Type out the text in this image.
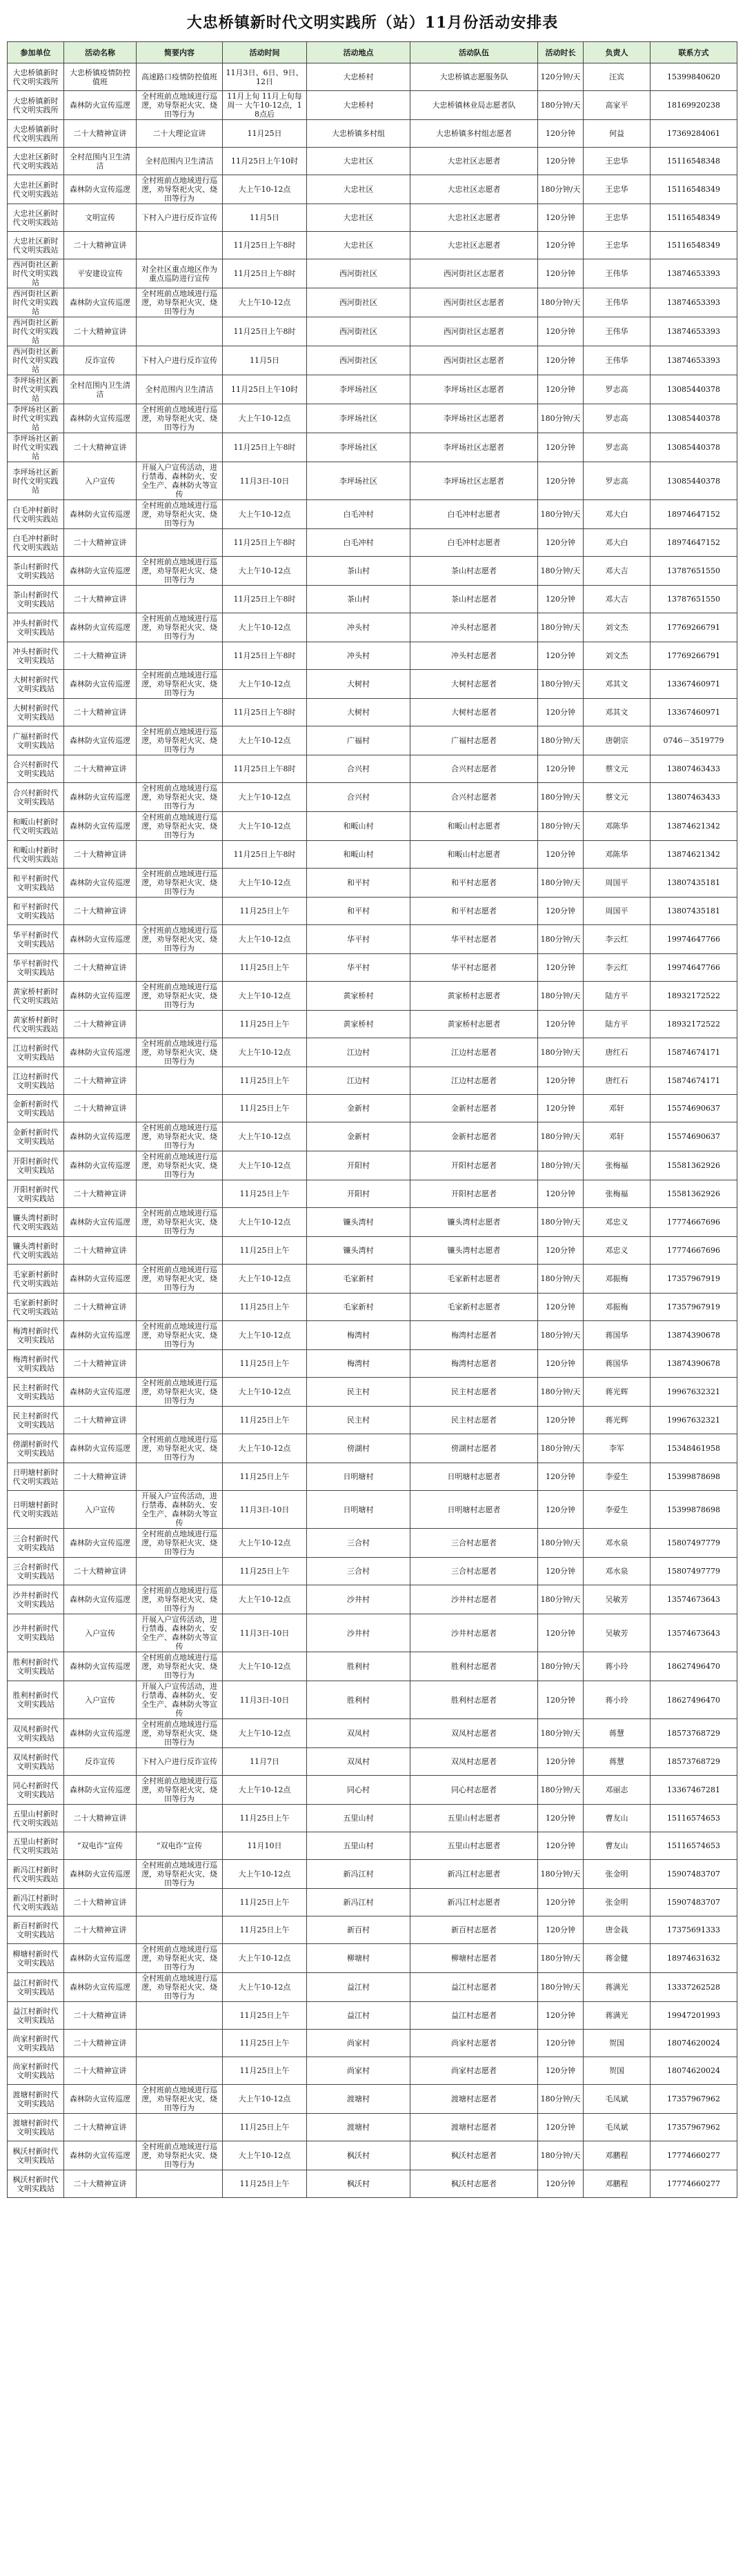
大忠桥镇新时代文明实践所（站）11月份活动安排表
参加单位	活动名称	简要内容	活动时间	活动地点	活动队伍	活动时长	负责人	联系方式
大忠桥镇新时代文明实践所	大忠桥镇疫情防控值班	高速路口疫情防控值班	11月3日、6日、9日、12日	大忠桥村	大忠桥镇志愿服务队	120分钟/天	汪宾	15399840620
大忠桥镇新时代文明实践所	森林防火宣传巡逻	全村班前点地域进行巡逻，劝导祭祀火灾、烧田等行为	11月上旬 11月上旬每周一 大午10-12点，18点后	大忠桥村	大忠桥镇林业局志愿者队	180分钟/天	高家平	18169920238
大忠桥镇新时代文明实践所	二十大精神宣讲	二十大理论宣讲	11月25日	大忠桥镇多村组	大忠桥镇多村组志愿者	120分钟	何益	17369284061
大忠社区新时代文明实践站	全村范围内卫生清洁	全村范围内卫生清洁	11月25日上午10时	大忠社区	大忠社区志愿者	120分钟	王忠华	15116548348
大忠社区新时代文明实践站	森林防火宣传巡逻	全村班前点地域进行巡逻，劝导祭祀火灾、烧田等行为	大上午10-12点	大忠社区	大忠社区志愿者	180分钟/天	王忠华	15116548349
大忠社区新时代文明实践站	文明宣传	下村入户进行反诈宣传	11月5日	大忠社区	大忠社区志愿者	120分钟	王忠华	15116548349
大忠社区新时代文明实践站	二十大精神宣讲		11月25日上午8时	大忠社区	大忠社区志愿者	120分钟	王忠华	15116548349
西河街社区新时代文明实践站	平安建设宣传	对全社区重点地区作为重点巡防进行宣传	11月25日上午8时	西河街社区	西河街社区志愿者	120分钟	王伟华	13874653393
西河街社区新时代文明实践站	森林防火宣传巡逻	全村班前点地域进行巡逻，劝导祭祀火灾、烧田等行为	大上午10-12点	西河街社区	西河街社区志愿者	180分钟/天	王伟华	13874653393
西河街社区新时代文明实践站	二十大精神宣讲		11月25日上午8时	西河街社区	西河街社区志愿者	120分钟	王伟华	13874653393
西河街社区新时代文明实践站	反诈宣传	下村入户进行反诈宣传	11月5日	西河街社区	西河街社区志愿者	120分钟	王伟华	13874653393
李坪场社区新时代文明实践站	全村范围内卫生清洁	全村范围内卫生清洁	11月25日上午10时	李坪场社区	李坪场社区志愿者	120分钟	罗志高	13085440378
李坪场社区新时代文明实践站	森林防火宣传巡逻	全村班前点地域进行巡逻，劝导祭祀火灾、烧田等行为	大上午10-12点	李坪场社区	李坪场社区志愿者	180分钟/天	罗志高	13085440378
李坪场社区新时代文明实践站	二十大精神宣讲		11月25日上午8时	李坪场社区	李坪场社区志愿者	120分钟	罗志高	13085440378
李坪场社区新时代文明实践站	入户宣传	开展入户宣传活动，进行禁毒、森林防火、安全生产、森林防火等宣传	11月3日-10日	李坪场社区	李坪场社区志愿者	120分钟	罗志高	13085440378
白毛冲村新时代文明实践站	森林防火宣传巡逻	全村班前点地域进行巡逻，劝导祭祀火灾、烧田等行为	大上午10-12点	白毛冲村	白毛冲村志愿者	180分钟/天	邓大白	18974647152
白毛冲村新时代文明实践站	二十大精神宣讲		11月25日上午8时	白毛冲村	白毛冲村志愿者	120分钟	邓大白	18974647152
茶山村新时代文明实践站	森林防火宣传巡逻	全村班前点地域进行巡逻，劝导祭祀火灾、烧田等行为	大上午10-12点	茶山村	茶山村志愿者	180分钟/天	邓大吉	13787651550
茶山村新时代文明实践站	二十大精神宣讲		11月25日上午8时	茶山村	茶山村志愿者	120分钟	邓大吉	13787651550
冲头村新时代文明实践站	森林防火宣传巡逻	全村班前点地域进行巡逻，劝导祭祀火灾、烧田等行为	大上午10-12点	冲头村	冲头村志愿者	180分钟/天	刘文杰	17769266791
冲头村新时代文明实践站	二十大精神宣讲		11月25日上午8时	冲头村	冲头村志愿者	120分钟	刘文杰	17769266791
大树村新时代文明实践站	森林防火宣传巡逻	全村班前点地域进行巡逻，劝导祭祀火灾、烧田等行为	大上午10-12点	大树村	大树村志愿者	180分钟/天	邓其文	13367460971
大树村新时代文明实践站	二十大精神宣讲		11月25日上午8时	大树村	大树村志愿者	120分钟	邓其文	13367460971
广福村新时代文明实践站	森林防火宣传巡逻	全村班前点地域进行巡逻，劝导祭祀火灾、烧田等行为	大上午10-12点	广福村	广福村志愿者	180分钟/天	唐朝宗	0746－3519779
合兴村新时代文明实践站	二十大精神宣讲		11月25日上午8时	合兴村	合兴村志愿者	120分钟	蔡文元	13807463433
合兴村新时代文明实践站	森林防火宣传巡逻	全村班前点地域进行巡逻，劝导祭祀火灾、烧田等行为	大上午10-12点	合兴村	合兴村志愿者	180分钟/天	蔡文元	13807463433
和畈山村新时代文明实践站	森林防火宣传巡逻	全村班前点地域进行巡逻，劝导祭祀火灾、烧田等行为	大上午10-12点	和畈山村	和畈山村志愿者	180分钟/天	邓陈华	13874621342
和畈山村新时代文明实践站	二十大精神宣讲		11月25日上午8时	和畈山村	和畈山村志愿者	120分钟	邓陈华	13874621342
和平村新时代文明实践站	森林防火宣传巡逻	全村班前点地域进行巡逻，劝导祭祀火灾、烧田等行为	大上午10-12点	和平村	和平村志愿者	180分钟/天	周国平	13807435181
和平村新时代文明实践站	二十大精神宣讲		11月25日上午	和平村	和平村志愿者	120分钟	周国平	13807435181
华平村新时代文明实践站	森林防火宣传巡逻	全村班前点地域进行巡逻，劝导祭祀火灾、烧田等行为	大上午10-12点	华平村	华平村志愿者	180分钟/天	李云红	19974647766
华平村新时代文明实践站	二十大精神宣讲		11月25日上午	华平村	华平村志愿者	120分钟	李云红	19974647766
黄家桥村新时代文明实践站	森林防火宣传巡逻	全村班前点地域进行巡逻，劝导祭祀火灾、烧田等行为	大上午10-12点	黄家桥村	黄家桥村志愿者	180分钟/天	陆方平	18932172522
黄家桥村新时代文明实践站	二十大精神宣讲		11月25日上午	黄家桥村	黄家桥村志愿者	120分钟	陆方平	18932172522
江边村新时代文明实践站	森林防火宣传巡逻	全村班前点地域进行巡逻，劝导祭祀火灾、烧田等行为	大上午10-12点	江边村	江边村志愿者	180分钟/天	唐红石	15874674171
江边村新时代文明实践站	二十大精神宣讲		11月25日上午	江边村	江边村志愿者	120分钟	唐红石	15874674171
金新村新时代文明实践站	二十大精神宣讲		11月25日上午	金新村	金新村志愿者	120分钟	邓轩	15574690637
金新村新时代文明实践站	森林防火宣传巡逻	全村班前点地域进行巡逻，劝导祭祀火灾、烧田等行为	大上午10-12点	金新村	金新村志愿者	180分钟/天	邓轩	15574690637
开阳村新时代文明实践站	森林防火宣传巡逻	全村班前点地域进行巡逻，劝导祭祀火灾、烧田等行为	大上午10-12点	开阳村	开阳村志愿者	180分钟/天	张梅福	15581362926
开阳村新时代文明实践站	二十大精神宣讲		11月25日上午	开阳村	开阳村志愿者	120分钟	张梅福	15581362926
镰头湾村新时代文明实践站	森林防火宣传巡逻	全村班前点地域进行巡逻，劝导祭祀火灾、烧田等行为	大上午10-12点	镰头湾村	镰头湾村志愿者	180分钟/天	邓忠义	17774667696
镰头湾村新时代文明实践站	二十大精神宣讲		11月25日上午	镰头湾村	镰头湾村志愿者	120分钟	邓忠义	17774667696
毛家新村新时代文明实践站	森林防火宣传巡逻	全村班前点地域进行巡逻，劝导祭祀火灾、烧田等行为	大上午10-12点	毛家新村	毛家新村志愿者	180分钟/天	邓振梅	17357967919
毛家新村新时代文明实践站	二十大精神宣讲		11月25日上午	毛家新村	毛家新村志愿者	120分钟	邓振梅	17357967919
梅湾村新时代文明实践站	森林防火宣传巡逻	全村班前点地域进行巡逻，劝导祭祀火灾、烧田等行为	大上午10-12点	梅湾村	梅湾村志愿者	180分钟/天	蒋国华	13874390678
梅湾村新时代文明实践站	二十大精神宣讲		11月25日上午	梅湾村	梅湾村志愿者	120分钟	蒋国华	13874390678
民主村新时代文明实践站	森林防火宣传巡逻	全村班前点地域进行巡逻，劝导祭祀火灾、烧田等行为	大上午10-12点	民主村	民主村志愿者	180分钟/天	蒋光辉	19967632321
民主村新时代文明实践站	二十大精神宣讲		11月25日上午	民主村	民主村志愿者	120分钟	蒋光辉	19967632321
傍湖村新时代文明实践站	森林防火宣传巡逻	全村班前点地域进行巡逻，劝导祭祀火灾、烧田等行为	大上午10-12点	傍湖村	傍湖村志愿者	180分钟/天	李军	15348461958
日明塘村新时代文明实践站	二十大精神宣讲		11月25日上午	日明塘村	日明塘村志愿者	120分钟	李爱生	15399878698
日明塘村新时代文明实践站	入户宣传	开展入户宣传活动，进行禁毒、森林防火、安全生产、森林防火等宣传	11月3日-10日	日明塘村	日明塘村志愿者	120分钟	李爱生	15399878698
三合村新时代文明实践站	森林防火宣传巡逻	全村班前点地域进行巡逻，劝导祭祀火灾、烧田等行为	大上午10-12点	三合村	三合村志愿者	180分钟/天	邓水泉	15807497779
三合村新时代文明实践站	二十大精神宣讲		11月25日上午	三合村	三合村志愿者	120分钟	邓水泉	15807497779
沙井村新时代文明实践站	森林防火宣传巡逻	全村班前点地域进行巡逻，劝导祭祀火灾、烧田等行为	大上午10-12点	沙井村	沙井村志愿者	180分钟/天	吴敏芳	13574673643
沙井村新时代文明实践站	入户宣传	开展入户宣传活动，进行禁毒、森林防火、安全生产、森林防火等宣传	11月3日-10日	沙井村	沙井村志愿者	120分钟	吴敏芳	13574673643
胜利村新时代文明实践站	森林防火宣传巡逻	全村班前点地域进行巡逻，劝导祭祀火灾、烧田等行为	大上午10-12点	胜利村	胜利村志愿者	180分钟/天	蒋小玲	18627496470
胜利村新时代文明实践站	入户宣传	开展入户宣传活动，进行禁毒、森林防火、安全生产、森林防火等宣传	11月3日-10日	胜利村	胜利村志愿者	120分钟	蒋小玲	18627496470
双凤村新时代文明实践站	森林防火宣传巡逻	全村班前点地域进行巡逻，劝导祭祀火灾、烧田等行为	大上午10-12点	双凤村	双凤村志愿者	180分钟/天	蒋慧	18573768729
双凤村新时代文明实践站	反诈宣传	下村入户进行反诈宣传	11月7日	双凤村	双凤村志愿者	120分钟	蒋慧	18573768729
同心村新时代文明实践站	森林防火宣传巡逻	全村班前点地域进行巡逻，劝导祭祀火灾、烧田等行为	大上午10-12点	同心村	同心村志愿者	180分钟/天	邓丽志	13367467281
五里山村新时代文明实践站	二十大精神宣讲		11月25日上午	五里山村	五里山村志愿者	120分钟	曹友山	15116574653
五里山村新时代文明实践站	“双电诈”宣传	“双电诈”宣传	11月10日	五里山村	五里山村志愿者	120分钟	曹友山	15116574653
新冯江村新时代文明实践站	森林防火宣传巡逻	全村班前点地域进行巡逻，劝导祭祀火灾、烧田等行为	大上午10-12点	新冯江村	新冯江村志愿者	180分钟/天	张金明	15907483707
新冯江村新时代文明实践站	二十大精神宣讲		11月25日上午	新冯江村	新冯江村志愿者	120分钟	张金明	15907483707
新百村新时代文明实践站	二十大精神宣讲		11月25日上午	新百村	新百村志愿者	120分钟	唐金栽	17375691333
柳塘村新时代文明实践站	森林防火宣传巡逻	全村班前点地域进行巡逻，劝导祭祀火灾、烧田等行为	大上午10-12点	柳塘村	柳塘村志愿者	180分钟/天	蒋金健	18974631632
益江村新时代文明实践站	森林防火宣传巡逻	全村班前点地域进行巡逻，劝导祭祀火灾、烧田等行为	大上午10-12点	益江村	益江村志愿者	180分钟/天	蒋满光	13337262528
益江村新时代文明实践站	二十大精神宣讲		11月25日上午	益江村	益江村志愿者	120分钟	蒋满光	19947201993
尚家村新时代文明实践站	二十大精神宣讲		11月25日上午	尚家村	尚家村志愿者	120分钟	贺国	18074620024
尚家村新时代文明实践站	二十大精神宣讲		11月25日上午	尚家村	尚家村志愿者	120分钟	贺国	18074620024
渡塘村新时代文明实践站	森林防火宣传巡逻	全村班前点地域进行巡逻，劝导祭祀火灾、烧田等行为	大上午10-12点	渡塘村	渡塘村志愿者	180分钟/天	毛凤斌	17357967962
渡塘村新时代文明实践站	二十大精神宣讲		11月25日上午	渡塘村	渡塘村志愿者	120分钟	毛凤斌	17357967962
枫沃村新时代文明实践站	森林防火宣传巡逻	全村班前点地域进行巡逻，劝导祭祀火灾、烧田等行为	大上午10-12点	枫沃村	枫沃村志愿者	180分钟/天	邓鹏程	17774660277
枫沃村新时代文明实践站	二十大精神宣讲		11月25日上午	枫沃村	枫沃村志愿者	120分钟	邓鹏程	17774660277
